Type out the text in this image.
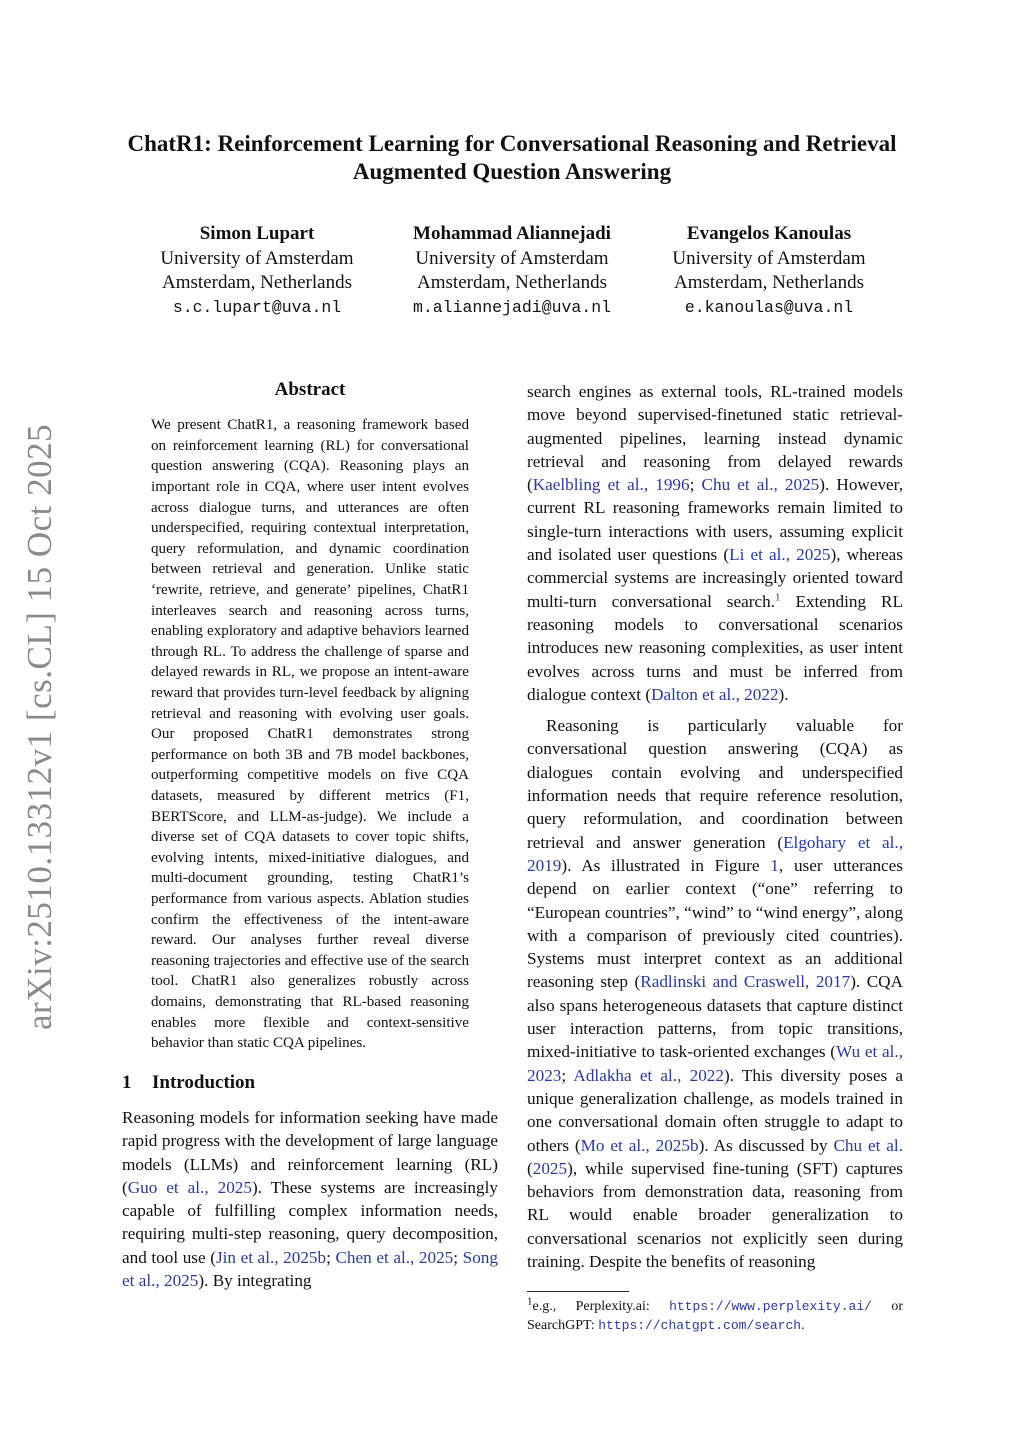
arXiv:2510.13312v1 [cs.CL] 15 Oct 2025
ChatR1: Reinforcement Learning for Conversational Reasoning and Retrieval Augmented Question Answering
Simon Lupart
University of Amsterdam
Amsterdam, Netherlands
s.c.lupart@uva.nl
Mohammad Aliannejadi
University of Amsterdam
Amsterdam, Netherlands
m.aliannejadi@uva.nl
Evangelos Kanoulas
University of Amsterdam
Amsterdam, Netherlands
e.kanoulas@uva.nl
Abstract
We present ChatR1, a reasoning framework based on reinforcement learning (RL) for conversational question answering (CQA). Reasoning plays an important role in CQA, where user intent evolves across dialogue turns, and utterances are often underspecified, requiring contextual interpretation, query reformulation, and dynamic coordination between retrieval and generation. Unlike static ‘rewrite, retrieve, and generate’ pipelines, ChatR1 interleaves search and reasoning across turns, enabling exploratory and adaptive behaviors learned through RL. To address the challenge of sparse and delayed rewards in RL, we propose an intent-aware reward that provides turn-level feedback by aligning retrieval and reasoning with evolving user goals. Our proposed ChatR1 demonstrates strong performance on both 3B and 7B model backbones, outperforming competitive models on five CQA datasets, measured by different metrics (F1, BERTScore, and LLM-as-judge). We include a diverse set of CQA datasets to cover topic shifts, evolving intents, mixed-initiative dialogues, and multi-document grounding, testing ChatR1’s performance from various aspects. Ablation studies confirm the effectiveness of the intent-aware reward. Our analyses further reveal diverse reasoning trajectories and effective use of the search tool. ChatR1 also generalizes robustly across domains, demonstrating that RL-based reasoning enables more flexible and context-sensitive behavior than static CQA pipelines.
1 Introduction

Reasoning models for information seeking have made rapid progress with the development of large language models (LLMs) and reinforcement learning (RL) (Guo et al., 2025). These systems are increasingly capable of fulfilling complex information needs, requiring multi-step reasoning, query decomposition, and tool use (Jin et al., 2025b; Chen et al., 2025; Song et al., 2025). By integrating

search engines as external tools, RL-trained models move beyond supervised-finetuned static retrieval-augmented pipelines, learning instead dynamic retrieval and reasoning from delayed rewards (Kaelbling et al., 1996; Chu et al., 2025). However, current RL reasoning frameworks remain limited to single-turn interactions with users, assuming explicit and isolated user questions (Li et al., 2025), whereas commercial systems are increasingly oriented toward multi-turn conversational search.$^1$ Extending RL reasoning models to conversational scenarios introduces new reasoning complexities, as user intent evolves across turns and must be inferred from dialogue context (Dalton et al., 2022).

Reasoning is particularly valuable for conversational question answering (CQA) as dialogues contain evolving and underspecified information needs that require reference resolution, query reformulation, and coordination between retrieval and answer generation (Elgohary et al., 2019). As illustrated in Figure 1, user utterances depend on earlier context (“one” referring to “European countries”, “wind” to “wind energy”, along with a comparison of previously cited countries). Systems must interpret context as an additional reasoning step (Radlinski and Craswell, 2017). CQA also spans heterogeneous datasets that capture distinct user interaction patterns, from topic transitions, mixed-initiative to task-oriented exchanges (Wu et al., 2023; Adlakha et al., 2022). This diversity poses a unique generalization challenge, as models trained in one conversational domain often struggle to adapt to others (Mo et al., 2025b). As discussed by Chu et al. (2025), while supervised fine-tuning (SFT) captures behaviors from demonstration data, reasoning from RL would enable broader generalization to conversational scenarios not explicitly seen during training. Despite the benefits of reasoning

$^1$e.g., Perplexity.ai: https://www.perplexity.ai/ or SearchGPT: https://chatgpt.com/search.
